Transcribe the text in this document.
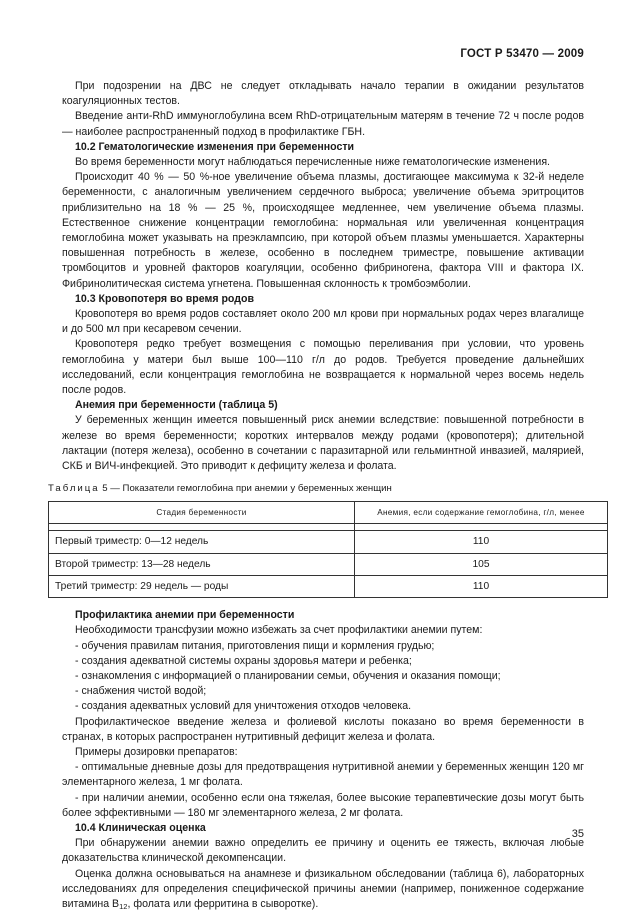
ГОСТ Р 53470 — 2009

При подозрении на ДВС не следует откладывать начало терапии в ожидании результатов коагуляционных тестов.

Введение анти-RhD иммуноглобулина всем RhD-отрицательным матерям в течение 72 ч после родов — наиболее распространенный подход в профилактике ГБН.

10.2 Гематологические изменения при беременности

Во время беременности могут наблюдаться перечисленные ниже гематологические изменения.

Происходит 40 % — 50 %-ное увеличение объема плазмы, достигающее максимума к 32-й неделе беременности, с аналогичным увеличением сердечного выброса; увеличение объема эритроцитов приблизительно на 18 % — 25 %, происходящее медленнее, чем увеличение объема плазмы. Естественное снижение концентрации гемоглобина: нормальная или увеличенная концентрация гемоглобина может указывать на преэклампсию, при которой объем плазмы уменьшается. Характерны повышенная потребность в железе, особенно в последнем триместре, повышение активации тромбоцитов и уровней факторов коагуляции, особенно фибриногена, фактора VIII и фактора IX. Фибринолитическая система угнетена. Повышенная склонность к тромбоэмболии.

10.3 Кровопотеря во время родов

Кровопотеря во время родов составляет около 200 мл крови при нормальных родах через влагалище и до 500 мл при кесаревом сечении.

Кровопотеря редко требует возмещения с помощью переливания при условии, что уровень гемоглобина у матери был выше 100—110 г/л до родов. Требуется проведение дальнейших исследований, если концентрация гемоглобина не возвращается к нормальной через восемь недель после родов.

Анемия при беременности (таблица 5)

У беременных женщин имеется повышенный риск анемии вследствие: повышенной потребности в железе во время беременности; коротких интервалов между родами (кровопотеря); длительной лактации (потеря железа), особенно в сочетании с паразитарной или гельминтной инвазией, малярией, СКБ и ВИЧ-инфекцией. Это приводит к дефициту железа и фолата.

Таблица 5 — Показатели гемоглобина при анемии у беременных женщин
Стадия беременности	Анемия, если содержание гемоглобина, г/л, менее

Первый триместр: 0—12 недель	110
Второй триместр: 13—28 недель	105
Третий триместр: 29 недель — роды	110
Профилактика анемии при беременности

Необходимости трансфузии можно избежать за счет профилактики анемии путем:

- обучения правилам питания, приготовления пищи и кормления грудью;

- создания адекватной системы охраны здоровья матери и ребенка;

- ознакомления с информацией о планировании семьи, обучения и оказания помощи;

- снабжения чистой водой;

- создания адекватных условий для уничтожения отходов человека.

Профилактическое введение железа и фолиевой кислоты показано во время беременности в странах, в которых распространен нутритивный дефицит железа и фолата.

Примеры дозировки препаратов:

- оптимальные дневные дозы для предотвращения нутритивной анемии у беременных женщин 120 мг элементарного железа, 1 мг фолата.

- при наличии анемии, особенно если она тяжелая, более высокие терапевтические дозы могут быть более эффективными — 180 мг элементарного железа, 2 мг фолата.

10.4 Клиническая оценка

При обнаружении анемии важно определить ее причину и оценить ее тяжесть, включая любые доказательства клинической декомпенсации.

Оценка должна основываться на анамнезе и физикальном обследовании (таблица 6), лабораторных исследованиях для определения специфической причины анемии (например, пониженное содержание витамина $B_{12}$, фолата или ферритина в сыворотке).

35
